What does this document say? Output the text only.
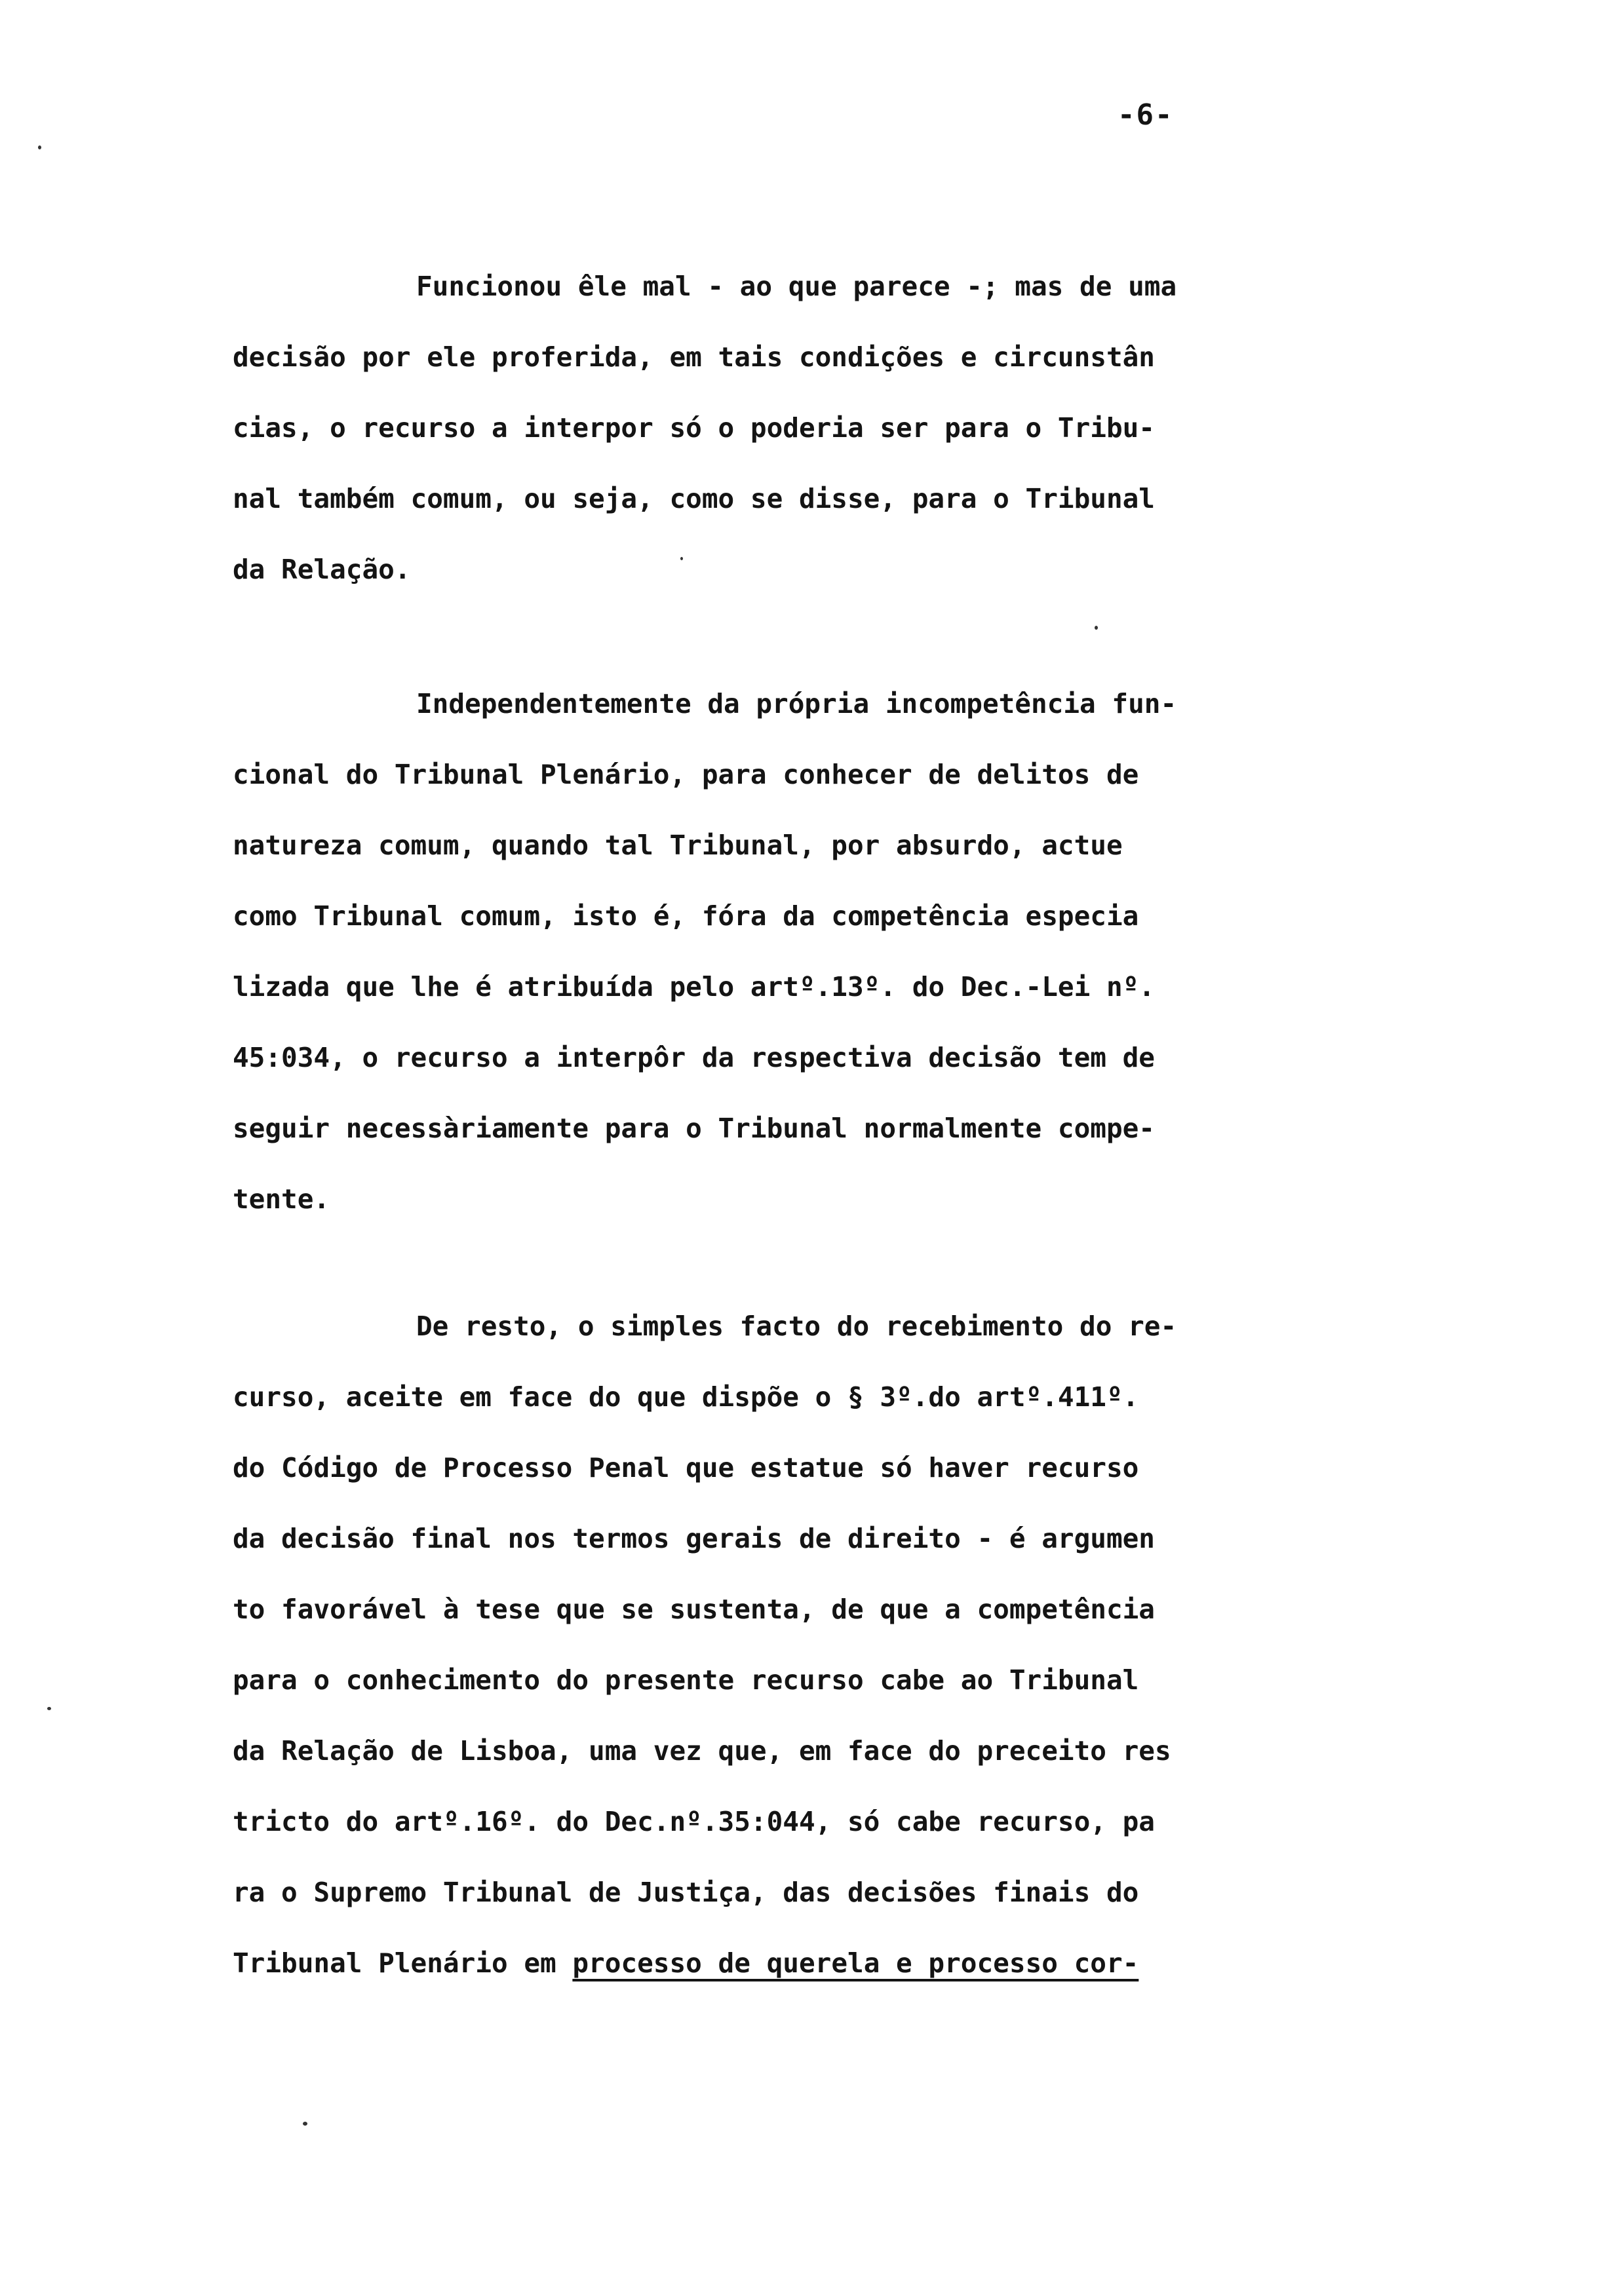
-6-
Funcionou êle mal - ao que parece -; mas de uma
decisão por ele proferida, em tais condições e circunstân
cias, o recurso a interpor só o poderia ser para o Tribu-
nal também comum, ou seja, como se disse, para o Tribunal
da Relação.
Independentemente da própria incompetência fun-
cional do Tribunal Plenário, para conhecer de delitos de
natureza comum, quando tal Tribunal, por absurdo, actue
como Tribunal comum, isto é, fóra da competência especia
lizada que lhe é atribuída pelo artº.13º. do Dec.-Lei nº.
45:034, o recurso a interpôr da respectiva decisão tem de
seguir necessàriamente para o Tribunal normalmente compe-
tente.
De resto, o simples facto do recebimento do re-
curso, aceite em face do que dispõe o § 3º.do artº.411º.
do Código de Processo Penal que estatue só haver recurso
da decisão final nos termos gerais de direito - é argumen
to favorável à tese que se sustenta, de que a competência
para o conhecimento do presente recurso cabe ao Tribunal
da Relação de Lisboa, uma vez que, em face do preceito res
tricto do artº.16º. do Dec.nº.35:044, só cabe recurso, pa
ra o Supremo Tribunal de Justiça, das decisões finais do
Tribunal Plenário em processo de querela e processo cor-
